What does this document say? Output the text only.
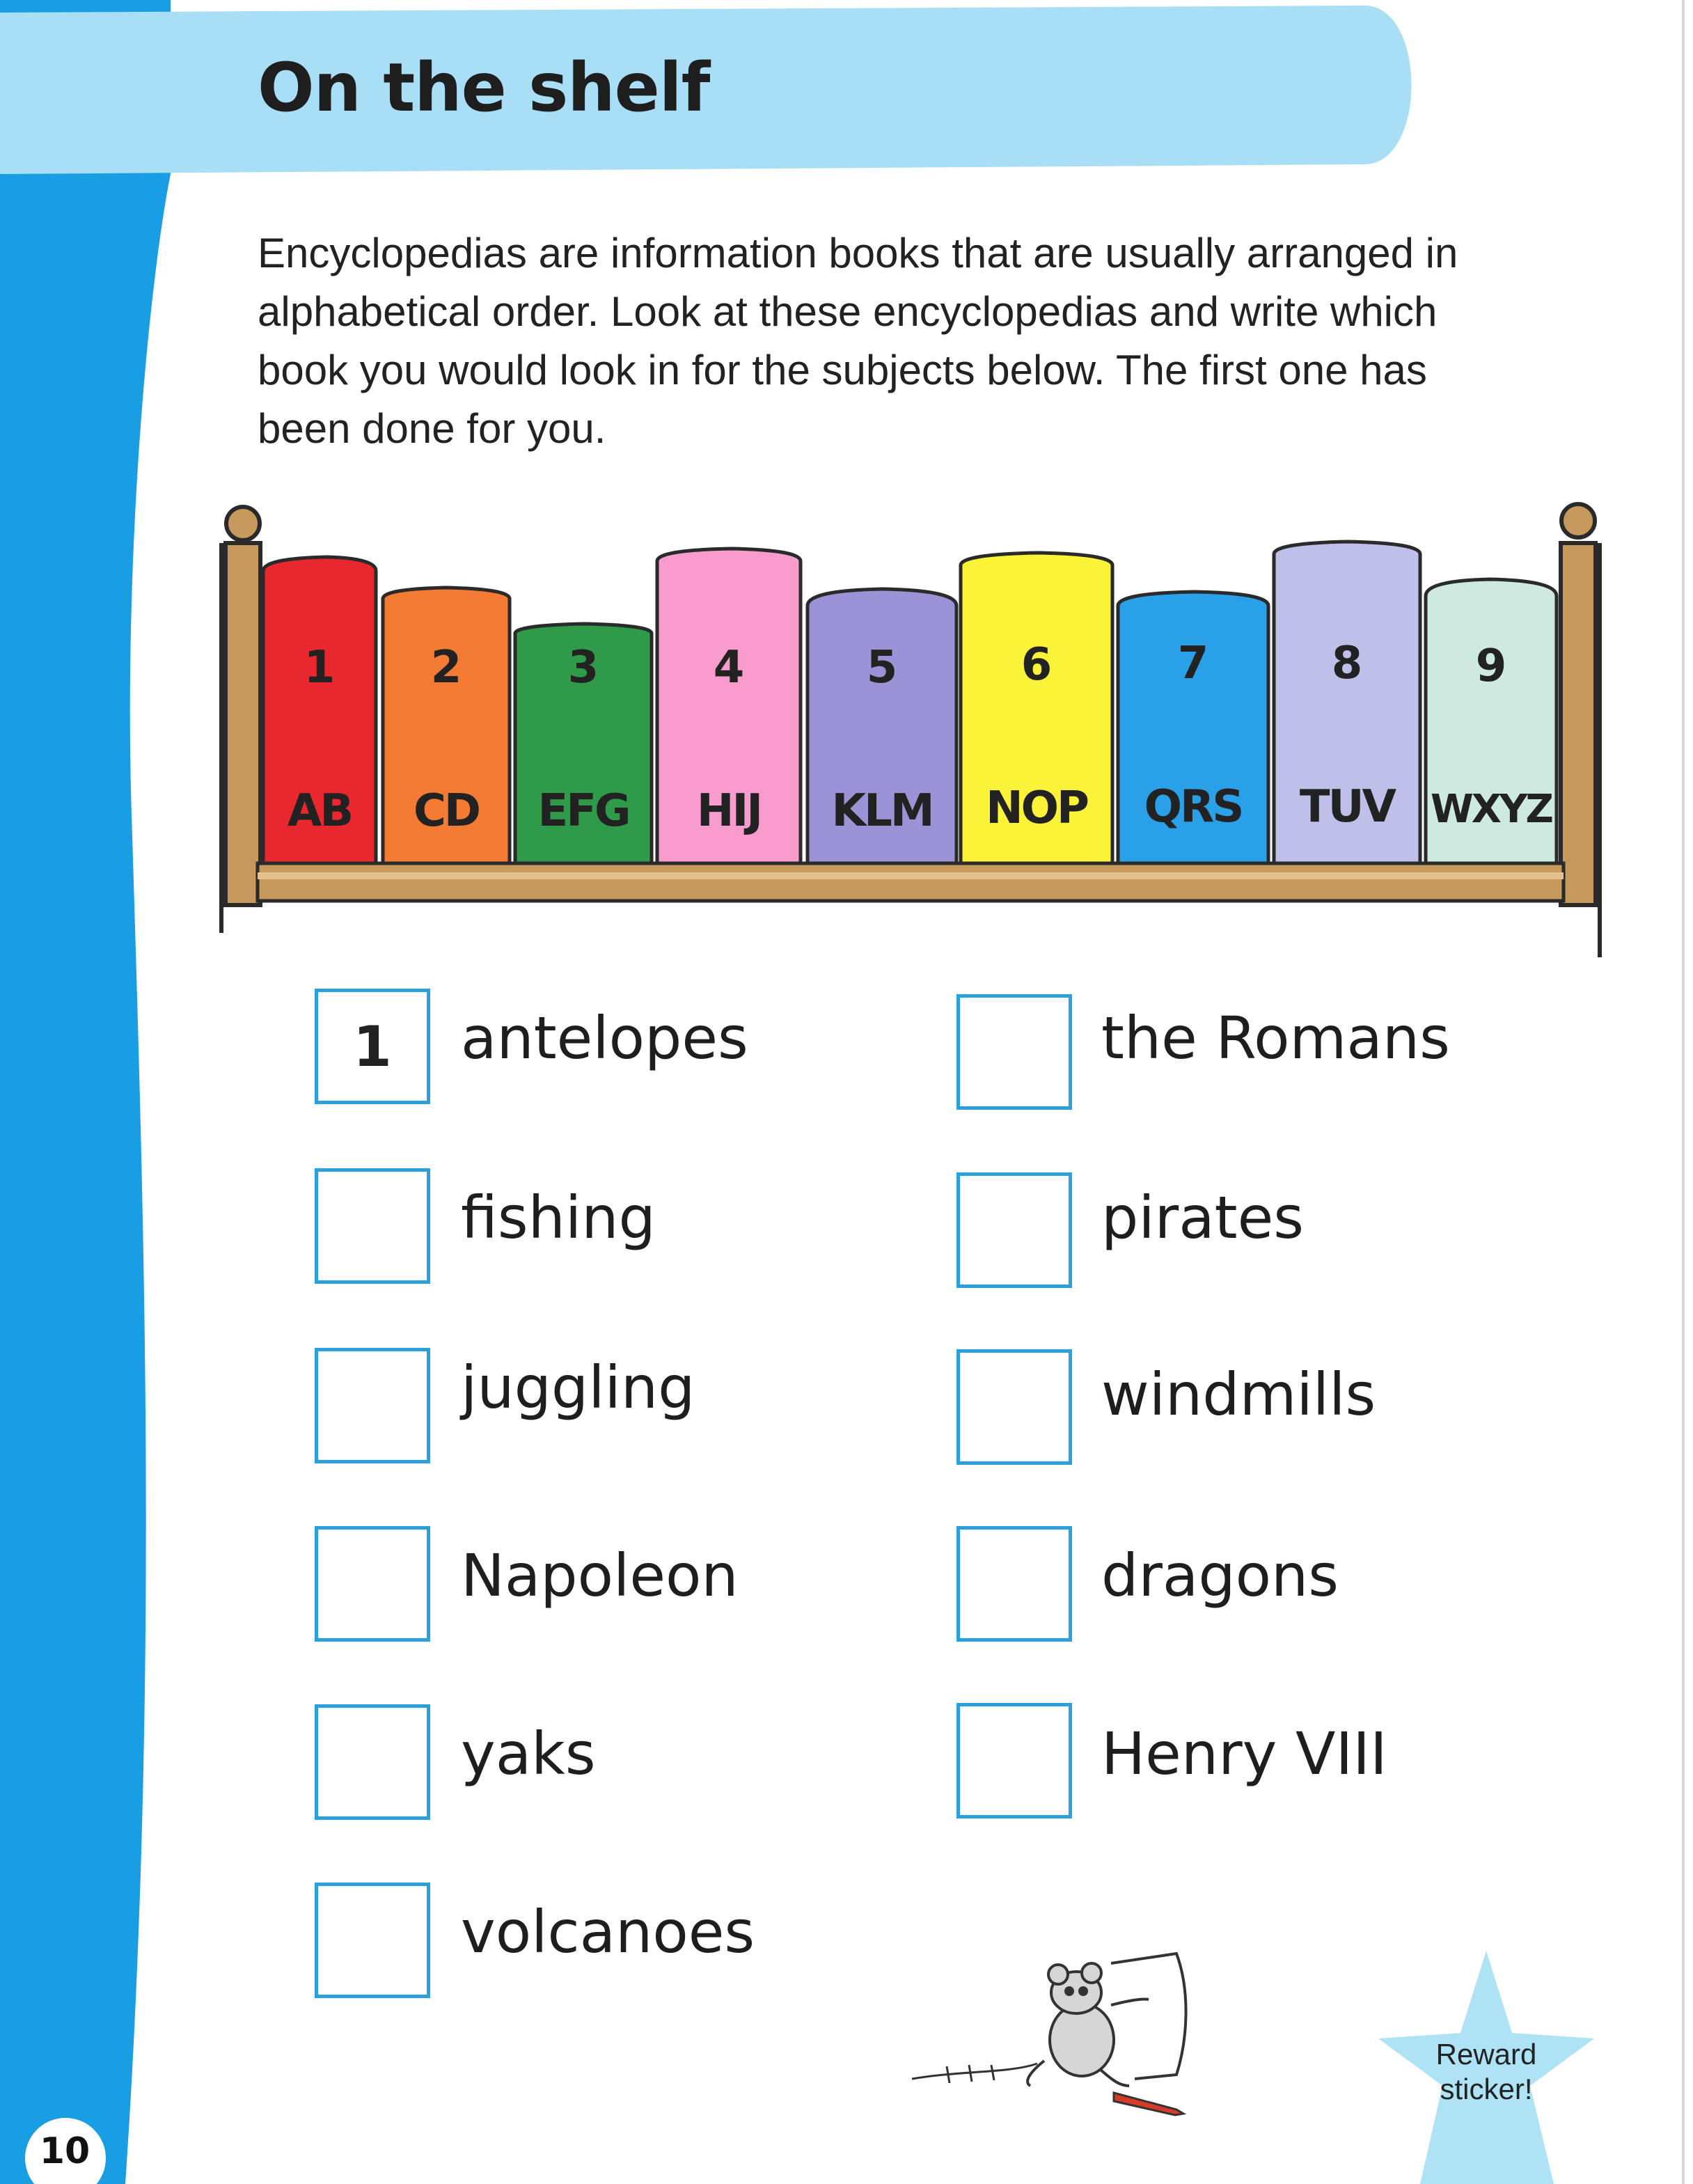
On the shelf
Encyclopedias are information books that are usually arranged in alphabetical order. Look at these encyclopedias and write which book you would look in for the subjects below. The first one has been done for you.
1
AB
2
CD
3
EFG
4
HIJ
5
KLM
6
NOP
7
QRS
8
TUV
9
WXYZ
1	antelopes
fishing
juggling
Napoleon
yaks
volcanoes
the Romans
pirates
windmills
dragons
Henry VIII
Reward
sticker!
10
